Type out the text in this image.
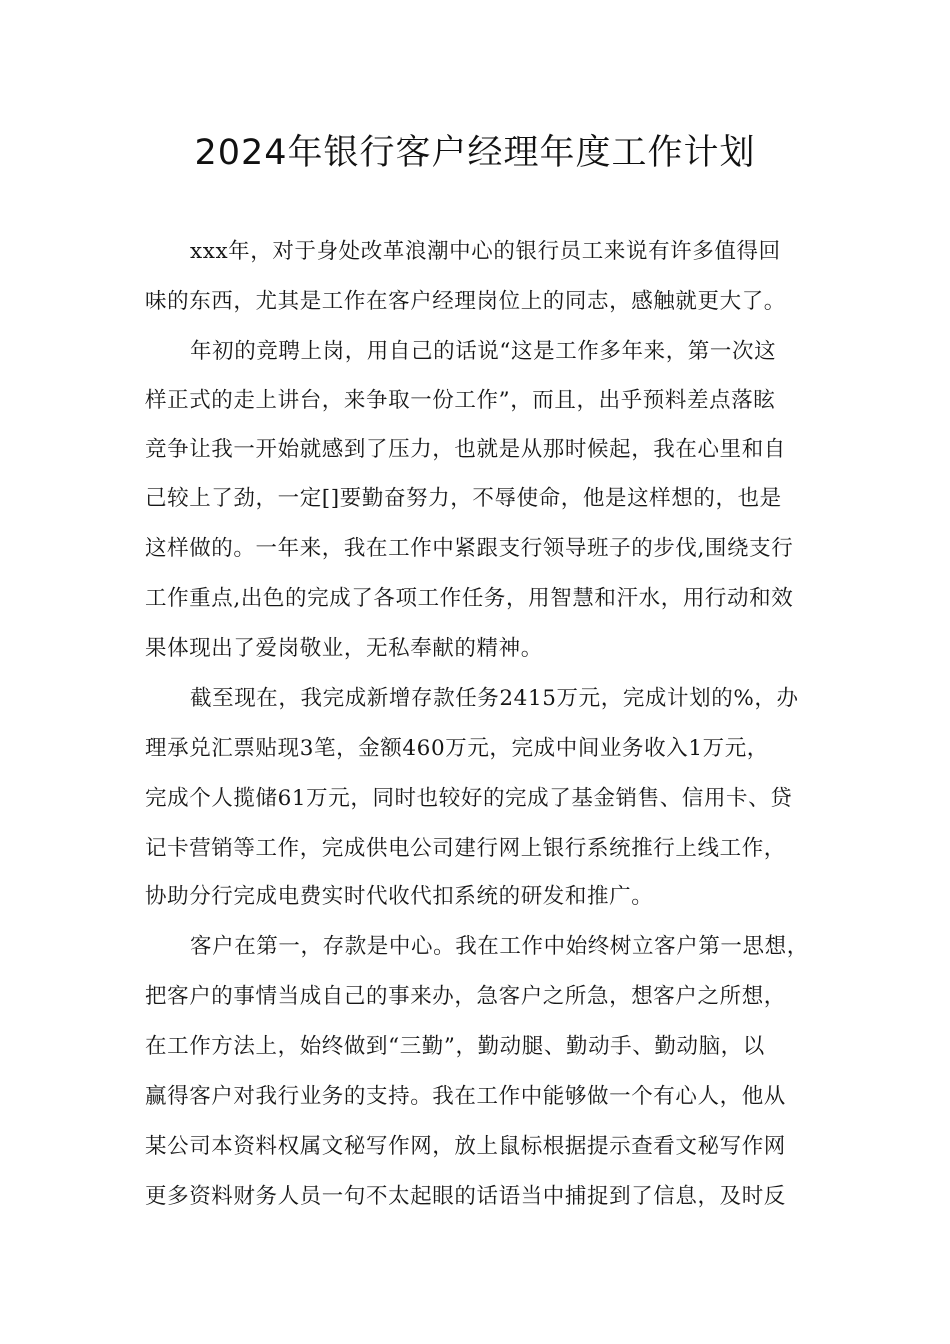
2024年银行客户经理年度工作计划
xxx年，对于身处改革浪潮中心的银行员工来说有许多值得回
味的东西，尤其是工作在客户经理岗位上的同志，感触就更大了。
年初的竞聘上岗，用自己的话说“这是工作多年来，第一次这
样正式的走上讲台，来争取一份工作”，而且，出乎预料差点落眩
竞争让我一开始就感到了压力，也就是从那时候起，我在心里和自
己较上了劲，一定[]要勤奋努力，不辱使命，他是这样想的，也是
这样做的。一年来，我在工作中紧跟支行领导班子的步伐,围绕支行
工作重点,出色的完成了各项工作任务，用智慧和汗水，用行动和效
果体现出了爱岗敬业，无私奉献的精神。
截至现在，我完成新增存款任务2415万元，完成计划的%，办
理承兑汇票贴现3笔，金额460万元，完成中间业务收入1万元，
完成个人揽储61万元，同时也较好的完成了基金销售、信用卡、贷
记卡营销等工作，完成供电公司建行网上银行系统推行上线工作，
协助分行完成电费实时代收代扣系统的研发和推广。
客户在第一，存款是中心。我在工作中始终树立客户第一思想，
把客户的事情当成自己的事来办，急客户之所急，想客户之所想，
在工作方法上，始终做到“三勤”，勤动腿、勤动手、勤动脑，以
赢得客户对我行业务的支持。我在工作中能够做一个有心人，他从
某公司本资料权属文秘写作网，放上鼠标根据提示查看文秘写作网
更多资料财务人员一句不太起眼的话语当中捕捉到了信息，及时反
